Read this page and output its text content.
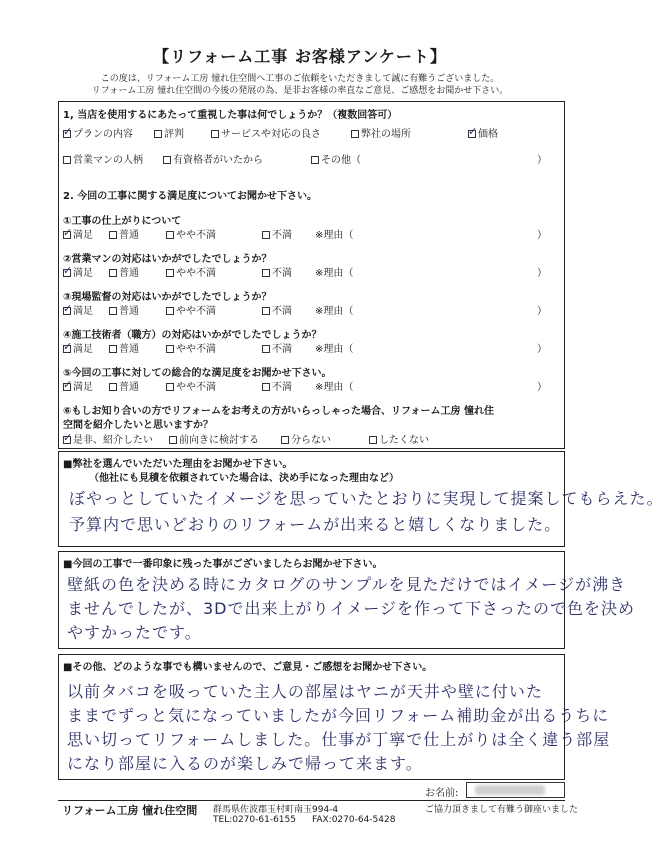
【リフォーム工事 お客様アンケート】
この度は、リフォーム工房 憧れ住空間へ工事のご依頼をいただきまして誠に有難うございました。
リフォーム工房 憧れ住空間の今後の発展の為、是非お客様の率直なご意見、ご感想をお聞かせ下さい。
1, 当店を使用するにあたって重視した事は何でしょうか？（複数回答可）
✓プランの内容	評判	サービスや対応の良さ	弊社の場所
✓	価格
営業マンの人柄	有資格者がいたから	その他（	）
2. 今回の工事に関する満足度についてお聞かせ下さい。
①工事の仕上がりについて
✓満足	普通	やや不満	不満 ※理由（	）
②営業マンの対応はいかがでしたでしょうか？
✓満足	普通	やや不満	不満 ※理由（	）
③現場監督の対応はいかがでしたでしょうか？
✓満足	普通	やや不満	不満 ※理由（	）
④施工技術者（職方）の対応はいかがでしたでしょうか？
✓満足	普通	やや不満	不満 ※理由（	）
⑤今回の工事に対しての総合的な満足度をお聞かせ下さい。
✓満足	普通	やや不満	不満 ※理由（	）
⑥もしお知り合いの方でリフォームをお考えの方がいらっしゃった場合、リフォーム工房 憧れ住
空間を紹介したいと思いますか？
✓是非、紹介したい	前向きに検討する	分らない	したくない
■弊社を選んでいただいた理由をお聞かせ下さい。
（他社にも見積を依頼されていた場合は、決め手になった理由など）
ぼやっとしていたイメージを思っていたとおりに実現して提案してもらえた。
予算内で思いどおりのリフォームが出来ると嬉しくなりました。
■今回の工事で一番印象に残った事がございましたらお聞かせ下さい。
壁紙の色を決める時にカタログのサンプルを見ただけではイメージが沸き
ませんでしたが、3Dで出来上がりイメージを作って下さったので色を決め
やすかったです。
■その他、どのような事でも構いませんので、ご意見・ご感想をお聞かせ下さい。
以前タバコを吸っていた主人の部屋はヤニが天井や壁に付いた
ままでずっと気になっていましたが今回リフォーム補助金が出るうちに
思い切ってリフォームしました。仕事が丁寧で仕上がりは全く違う部屋
になり部屋に入るのが楽しみで帰って来ます。
お名前:
リフォーム工房 憧れ住空間 群馬県佐波郡玉村町南玉994-4
TEL:0270-61-6155 FAX:0270-64-5428
ご協力頂きまして有難う御座いました
